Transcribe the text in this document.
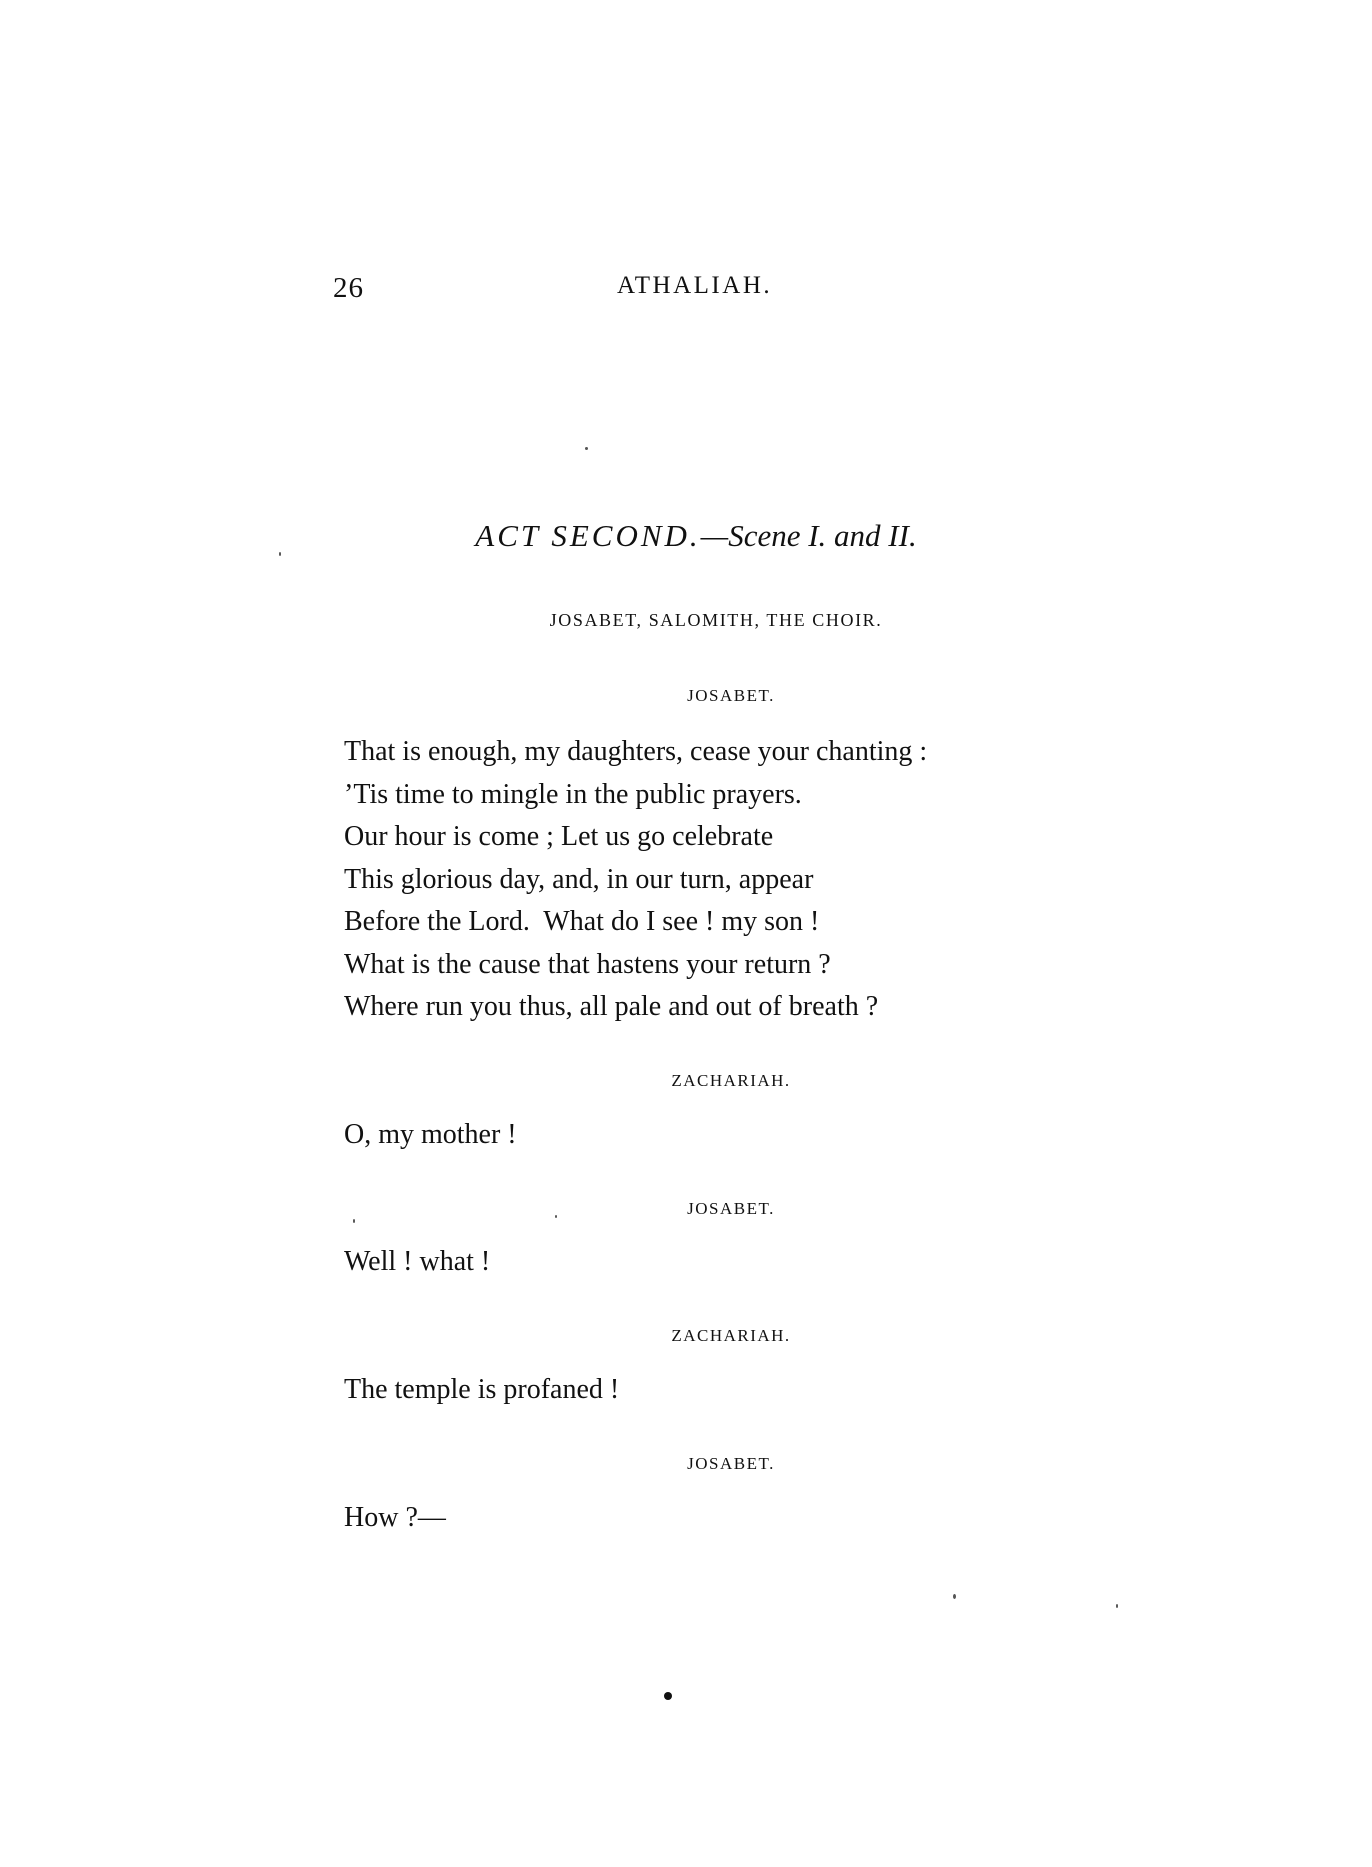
26	ATHALIAH.
ACT SECOND.—Scene I. and II.
JOSABET, SALOMITH, THE CHOIR.
JOSABET.
That is enough, my daughters, cease your chanting :
’Tis time to mingle in the public prayers.
Our hour is come ; Let us go celebrate
This glorious day, and, in our turn, appear
Before the Lord.  What do I see ! my son !
What is the cause that hastens your return ?
Where run you thus, all pale and out of breath ?
ZACHARIAH.
O, my mother !
JOSABET.
Well ! what !
ZACHARIAH.
The temple is profaned !
JOSABET.
How ?—
